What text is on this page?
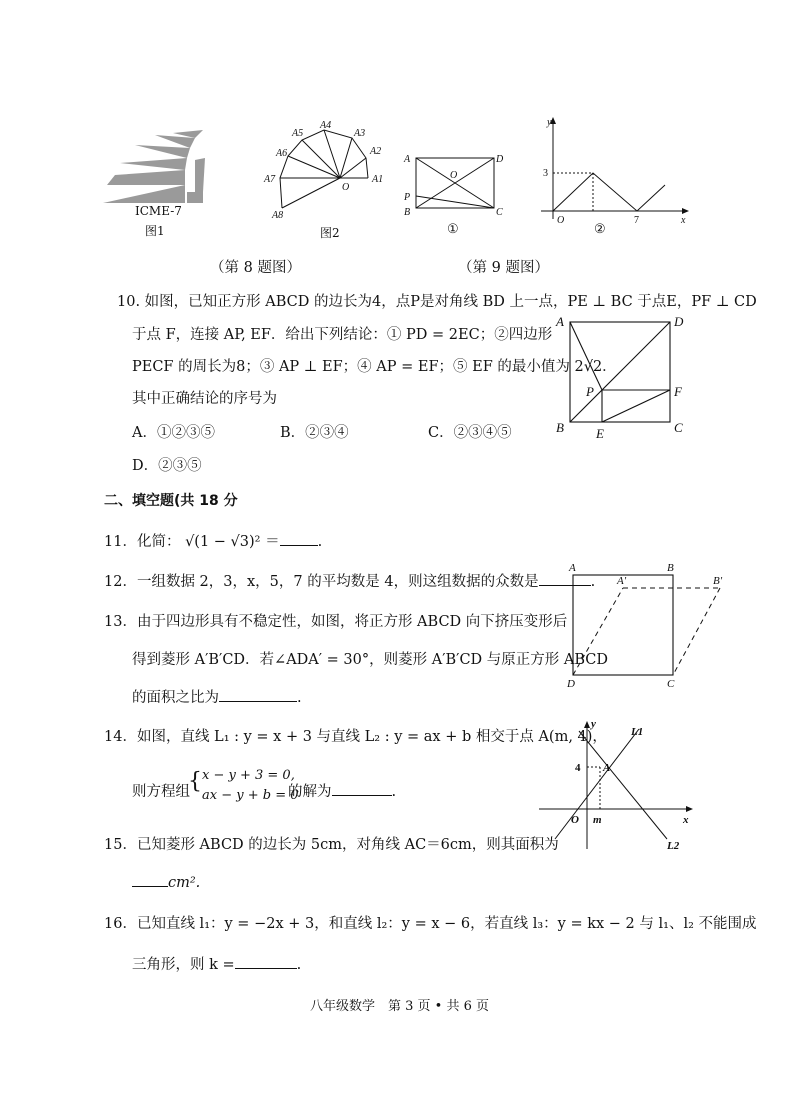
ICME-7
图1
A1
A2
A3
A4
A5
A6
A7
A8
O
图2
A	D
O
P
B	C
①
y
x
O
3
7
②
（第 8 题图）	（第 9 题图）
10. 如图，已知正方形 ABCD 的边长为4，点P是对角线 BD 上一点，PE ⊥ BC 于点E，PF ⊥ CD
于点 F，连接 AP, EF．给出下列结论：① PD = 2EC；②四边形
PECF 的周长为8；③ AP ⊥ EF；④ AP = EF；⑤ EF 的最小值为 2√2．
其中正确结论的序号为
A．①②③⑤	B．②③④	C．②③④⑤
D．②③⑤
A	D
P	F
B E	C
二、填空题(共 18 分
11．化简： √(1 − √3)² ＝	.
12．一组数据 2，3，x，5，7 的平均数是 4，则这组数据的众数是	.
13．由于四边形具有不稳定性，如图，将正方形 ABCD 向下挤压变形后
得到菱形 A′B′CD．若∠ADA′ = 30°，则菱形 A′B′CD 与原正方形 ABCD
的面积之比为	.
A	B
A′	B′
D	C
14．如图，直线 L₁ : y = x + 3 与直线 L₂ : y = ax + b 相交于点 A(m, 4)，
则方程组
{ x − y + 3 = 0,
ax − y + b = 0
的解为	.
y
L1
4 A
O m	x
L2
15．已知菱形 ABCD 的边长为 5cm，对角线 AC＝6cm，则其面积为
cm².
16．已知直线 l₁：y = −2x + 3，和直线 l₂：y = x − 6，若直线 l₃：y = kx − 2 与 l₁、l₂ 不能围成
三角形，则 k =	.
八年级数学　第 3 页 • 共 6 页
